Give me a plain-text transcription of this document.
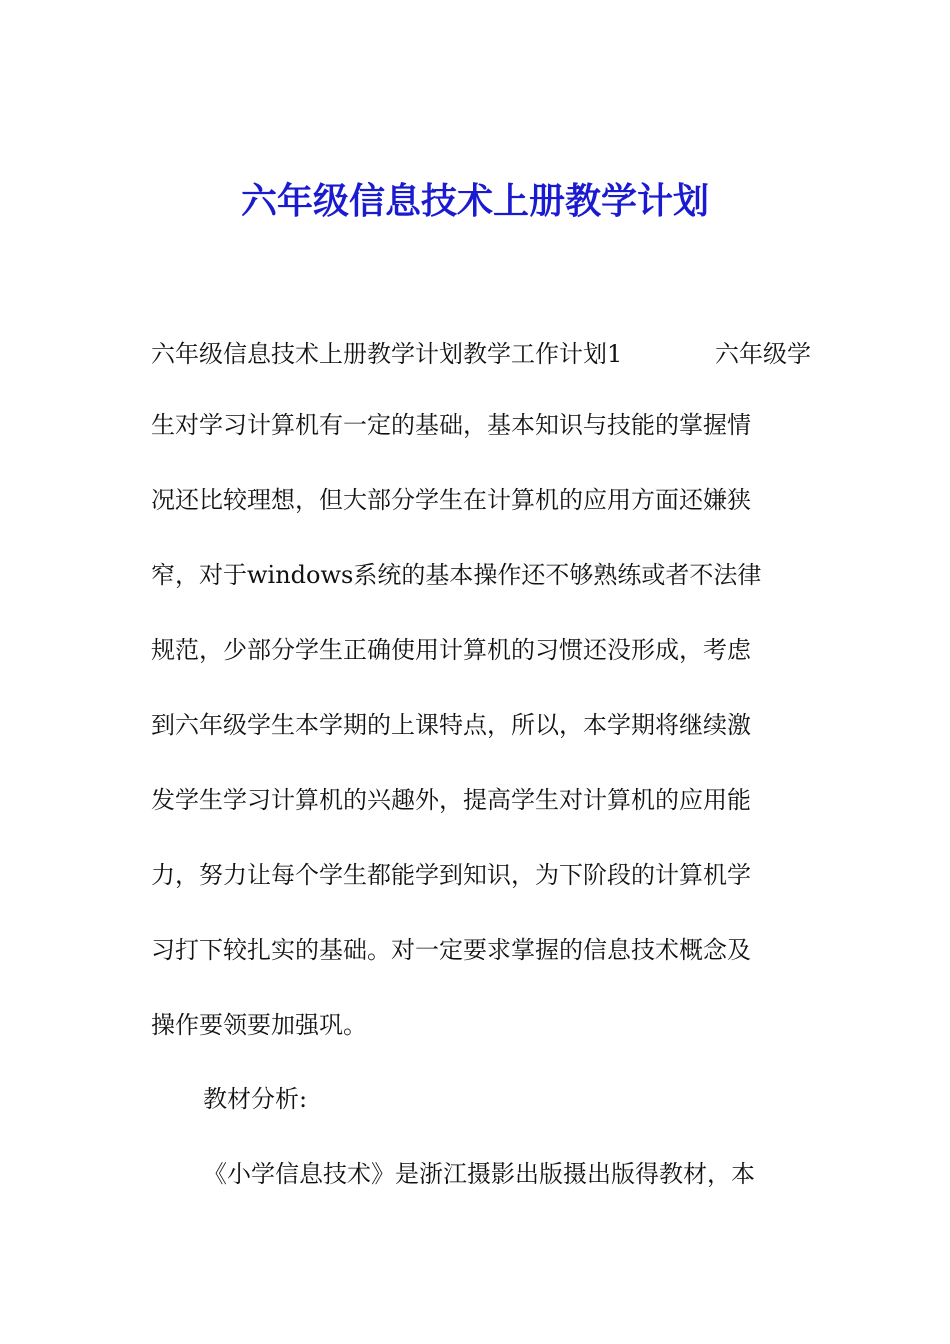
六年级信息技术上册教学计划
六年级信息技术上册教学计划教学工作计划1	六年级学
生对学习计算机有一定的基础，基本知识与技能的掌握情
况还比较理想，但大部分学生在计算机的应用方面还嫌狭
窄，对于windows系统的基本操作还不够熟练或者不法律
规范，少部分学生正确使用计算机的习惯还没形成，考虑
到六年级学生本学期的上课特点，所以，本学期将继续激
发学生学习计算机的兴趣外，提高学生对计算机的应用能
力，努力让每个学生都能学到知识，为下阶段的计算机学
习打下较扎实的基础。对一定要求掌握的信息技术概念及
操作要领要加强巩。
教材分析:
《小学信息技术》是浙江摄影出版摄出版得教材，本
